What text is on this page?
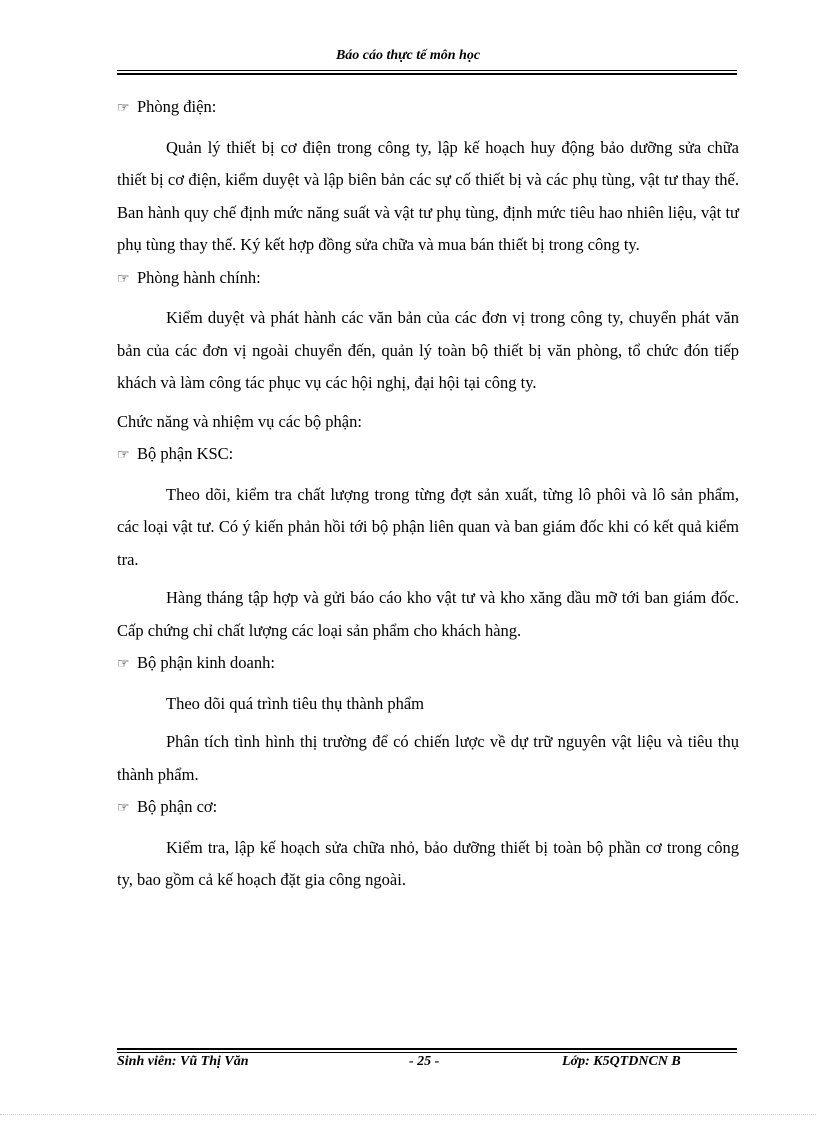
Báo cáo thực tế môn học

☞ Phòng điện:

Quản lý thiết bị cơ điện trong công ty, lập kế hoạch huy động bảo dưỡng sửa chữa thiết bị cơ điện, kiểm duyệt và lập biên bản các sự cố thiết bị và các phụ tùng, vật tư thay thế. Ban hành quy chế định mức năng suất và vật tư phụ tùng, định mức tiêu hao nhiên liệu, vật tư phụ tùng thay thế. Ký kết hợp đồng sửa chữa và mua bán thiết bị trong công ty.

☞ Phòng hành chính:

Kiểm duyệt và phát hành các văn bản của các đơn vị trong công ty, chuyển phát văn bản của các đơn vị ngoài chuyển đến, quản lý toàn bộ thiết bị văn phòng, tổ chức đón tiếp khách và làm công tác phục vụ các hội nghị, đại hội tại công ty.

Chức năng và nhiệm vụ các bộ phận:

☞ Bộ phận KSC:

Theo dõi, kiểm tra chất lượng trong từng đợt sản xuất, từng lô phôi và lô sản phẩm, các loại vật tư. Có ý kiến phản hồi tới bộ phận liên quan và ban giám đốc khi có kết quả kiểm tra.

Hàng tháng tập hợp và gửi báo cáo kho vật tư và kho xăng dầu mỡ tới ban giám đốc. Cấp chứng chỉ chất lượng các loại sản phẩm cho khách hàng.

☞ Bộ phận kinh doanh:

Theo dõi quá trình tiêu thụ thành phẩm

Phân tích tình hình thị trường để có chiến lược về dự trữ nguyên vật liệu và tiêu thụ thành phẩm.

☞ Bộ phận cơ:

Kiểm tra, lập kế hoạch sửa chữa nhỏ, bảo dưỡng thiết bị toàn bộ phần cơ trong công ty, bao gồm cả kế hoạch đặt gia công ngoài.

Sinh viên: Vũ Thị Văn	- 25 -	Lớp: K5QTDNCN B
